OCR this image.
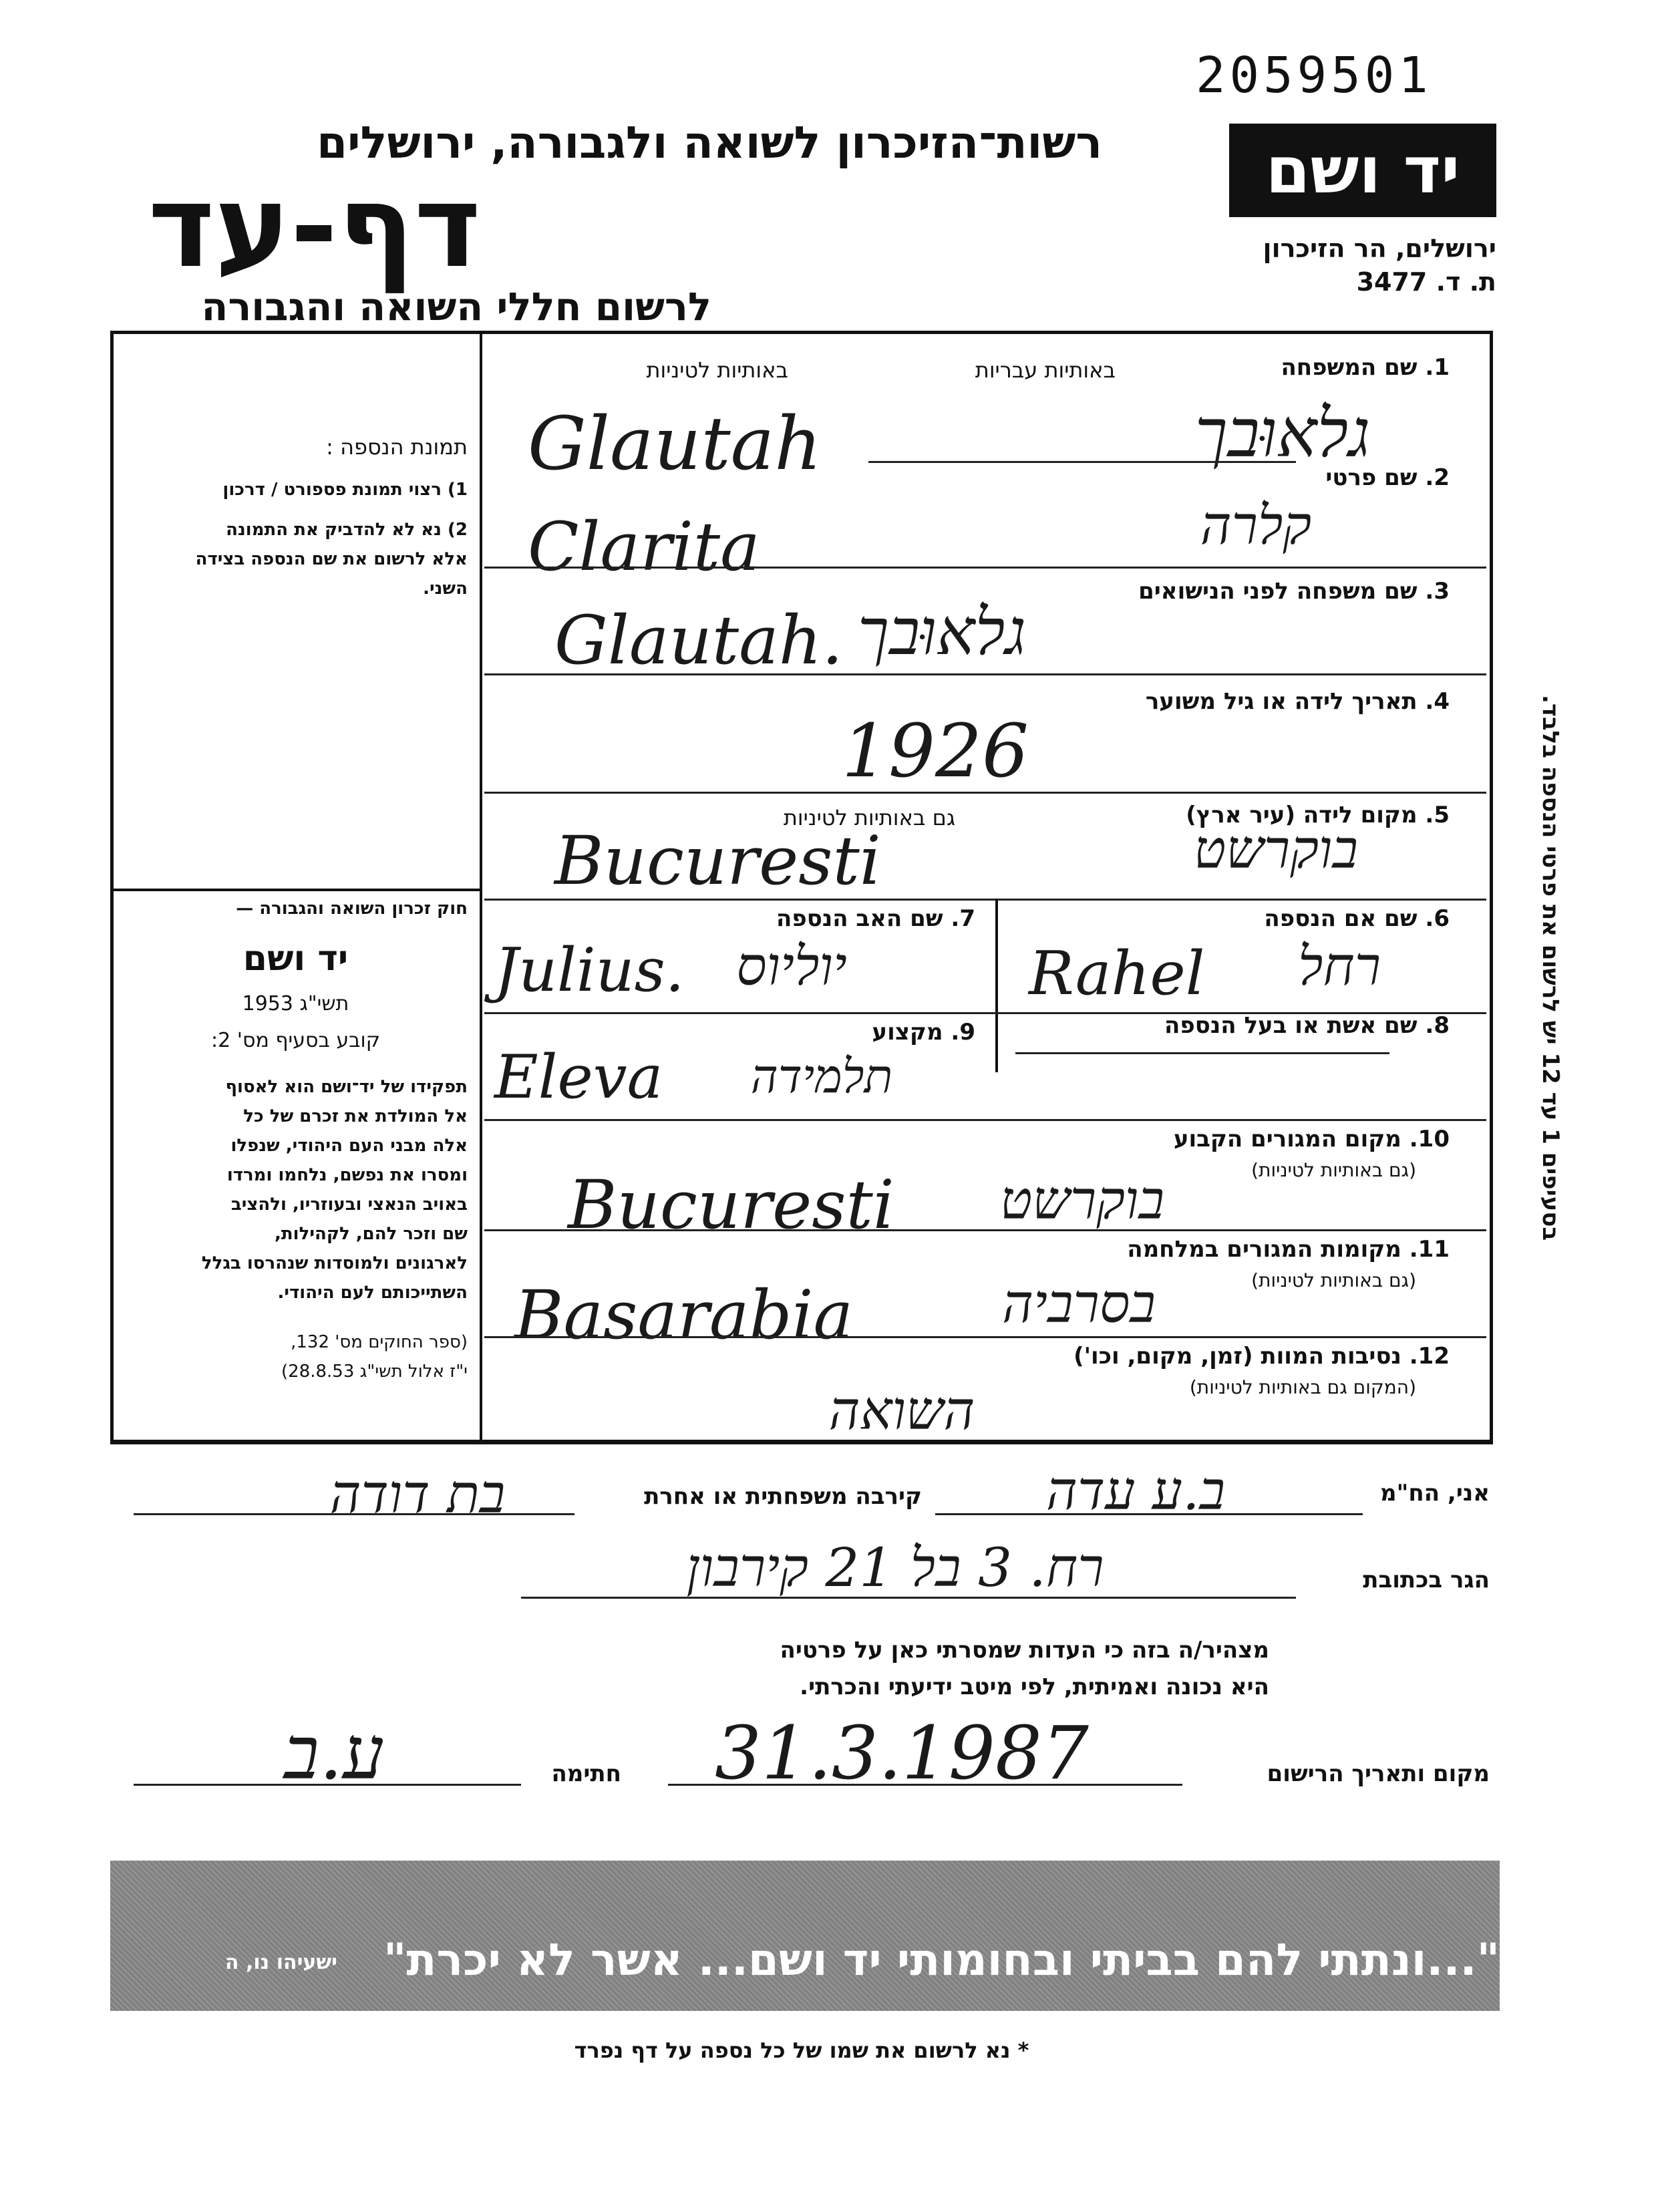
2059501
רשות־הזיכרון לשואה ולגבורה, ירושלים
דף-עד
לרשום חללי השואה והגבורה
יד ושם
ירושלים, הר הזיכרון
ת. ד. 3477
תמונת הנספה :
1) רצוי תמונת פספורט / דרכון
2) נא לא להדביק את התמונה
אלא לרשום את שם הנספה בצידה
השני.
חוק זכרון השואה והגבורה —
יד ושם
תשי"ג 1953
קובע בסעיף מס' 2:
תפקידו של יד־ושם הוא לאסוף
אל המולדת את זכרם של כל
אלה מבני העם היהודי, שנפלו
ומסרו את נפשם, נלחמו ומרדו
באויב הנאצי ובעוזריו, ולהציב
שם וזכר להם, לקהילות,
לארגונים ולמוסדות שנהרסו בגלל
השתייכותם לעם היהודי.
(ספר החוקים מס' 132,
י"ז אלול תשי"ג 28.8.53)
בסעיפים 1 עד 12 יש לרשום את פרטי הנספה בלבד.
1. שם המשפחה
באותיות עבריות
באותיות לטיניות
Glautah	גלאוּבך
2. שם פרטי
Clarita	קלרה
3. שם משפחה לפני הנישואים
Glautah. גלאוּבך
4. תאריך לידה או גיל משוער
1926
5. מקום לידה (עיר ארץ)
גם באותיות לטיניות
Bucuresti	בוקרשט
6. שם אם הנספה
Rahel	רחל
7. שם האב הנספה
Julius. יוליוס
8. שם אשת או בעל הנספה
9. מקצוע
Eleva	תלמידה
10. מקום המגורים הקבוע
(גם באותיות לטיניות)
Bucuresti	בוקרשט
11. מקומות המגורים במלחמה
(גם באותיות לטיניות)
Basarabia	בסרביה
12. נסיבות המוות (זמן, מקום, וכו')
(המקום גם באותיות לטיניות)
השואה
אני, הח"מ
ב.ע עדה
קירבה משפחתית או אחרת
בת דודה
הגר בכתובת
רח. 3 בל 21 קירבון
מצהיר/ה בזה כי העדות שמסרתי כאן על פרטיה
היא נכונה ואמיתית, לפי מיטב ידיעתי והכרתי.
מקום ותאריך הרישום
31.3.1987
חתימה
ע.ב
"...ונתתי להם בביתי ובחומותי יד ושם... אשר לא יכרת"
ישעיהו נו, ה
* נא לרשום את שמו של כל נספה על דף נפרד
